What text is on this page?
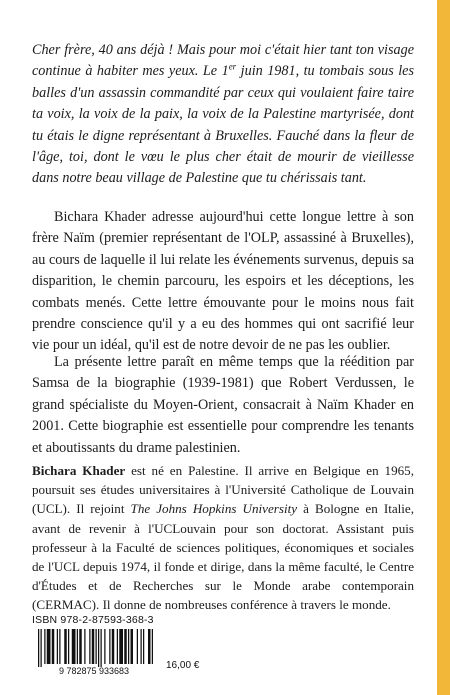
Cher frère, 40 ans déjà ! Mais pour moi c'était hier tant ton visage continue à habiter mes yeux. Le 1er juin 1981, tu tombais sous les balles d'un assassin commandité par ceux qui voulaient faire taire ta voix, la voix de la paix, la voix de la Palestine martyrisée, dont tu étais le digne représentant à Bruxelles. Fauché dans la fleur de l'âge, toi, dont le vœu le plus cher était de mourir de vieillesse dans notre beau village de Palestine que tu chérissais tant.

Bichara Khader adresse aujourd'hui cette longue lettre à son frère Naïm (premier représentant de l'OLP, assassiné à Bruxelles), au cours de laquelle il lui relate les événements survenus, depuis sa disparition, le chemin parcouru, les espoirs et les déceptions, les combats menés. Cette lettre émouvante pour le moins nous fait prendre conscience qu'il y a eu des hommes qui ont sacrifié leur vie pour un idéal, qu'il est de notre devoir de ne pas les oublier.

La présente lettre paraît en même temps que la réédition par Samsa de la biographie (1939-1981) que Robert Verdussen, le grand spécialiste du Moyen-Orient, consacrait à Naïm Khader en 2001. Cette biographie est essentielle pour comprendre les tenants et aboutissants du drame palestinien.

Bichara Khader est né en Palestine. Il arrive en Belgique en 1965, poursuit ses études universitaires à l'Université Catholique de Louvain (UCL). Il rejoint The Johns Hopkins University à Bologne en Italie, avant de revenir à l'UCLouvain pour son doctorat. Assistant puis professeur à la Faculté de sciences politiques, économiques et sociales de l'UCL depuis 1974, il fonde et dirige, dans la même faculté, le Centre d'Études et de Recherches sur le Monde arabe contemporain (CERMAC). Il donne de nombreuses conférence à travers le monde.

ISBN 978-2-87593-368-3
9 782875 933683	16,00 €
